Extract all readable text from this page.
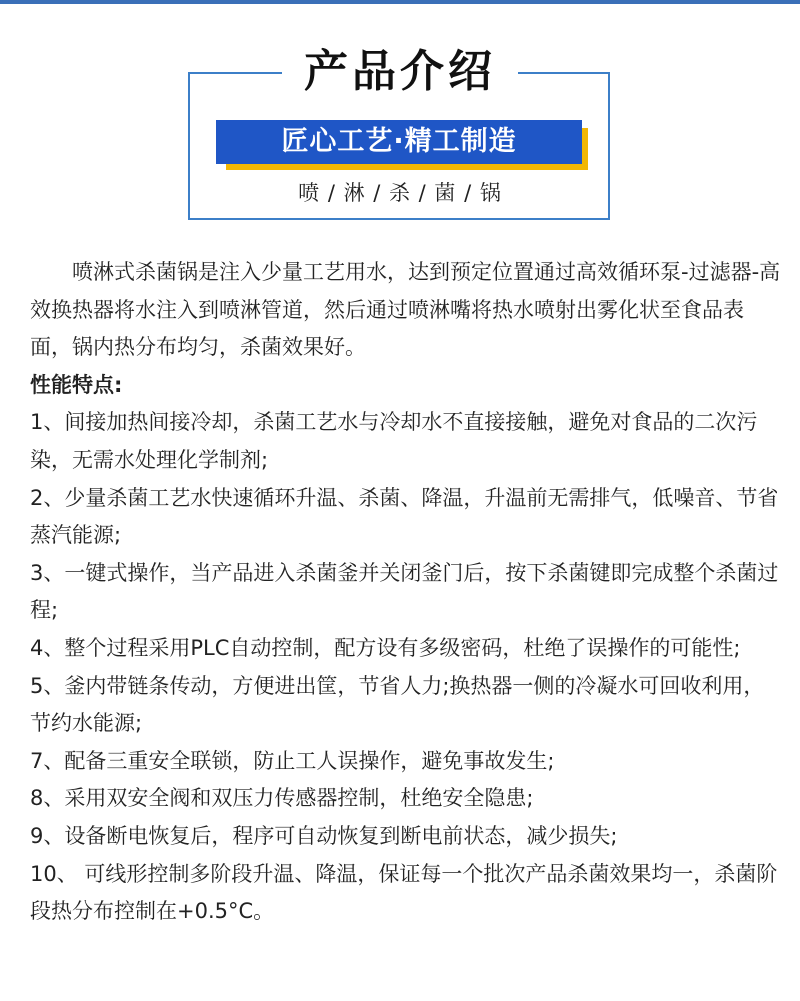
产品介绍
匠心工艺·精工制造
喷 / 淋 / 杀 / 菌 / 锅

喷淋式杀菌锅是注入少量工艺用水，达到预定位置通过高效循环泵-过滤器-高效换热器将水注入到喷淋管道，然后通过喷淋嘴将热水喷射出雾化状至食品表面，锅内热分布均匀，杀菌效果好。

性能特点:

1、间接加热间接冷却，杀菌工艺水与冷却水不直接接触，避免对食品的二次污染，无需水处理化学制剂;

2、少量杀菌工艺水快速循环升温、杀菌、降温，升温前无需排气，低噪音、节省蒸汽能源;

3、一键式操作，当产品进入杀菌釜并关闭釜门后，按下杀菌键即完成整个杀菌过程;

4、整个过程采用PLC自动控制，配方设有多级密码，杜绝了误操作的可能性;

5、釜内带链条传动，方便进出筐，节省人力;换热器一侧的冷凝水可回收利用，节约水能源;

7、配备三重安全联锁，防止工人误操作，避免事故发生;

8、采用双安全阀和双压力传感器控制，杜绝安全隐患;

9、设备断电恢复后，程序可自动恢复到断电前状态，减少损失;

10、 可线形控制多阶段升温、降温，保证每一个批次产品杀菌效果均一，杀菌阶段热分布控制在+0.5°C。
